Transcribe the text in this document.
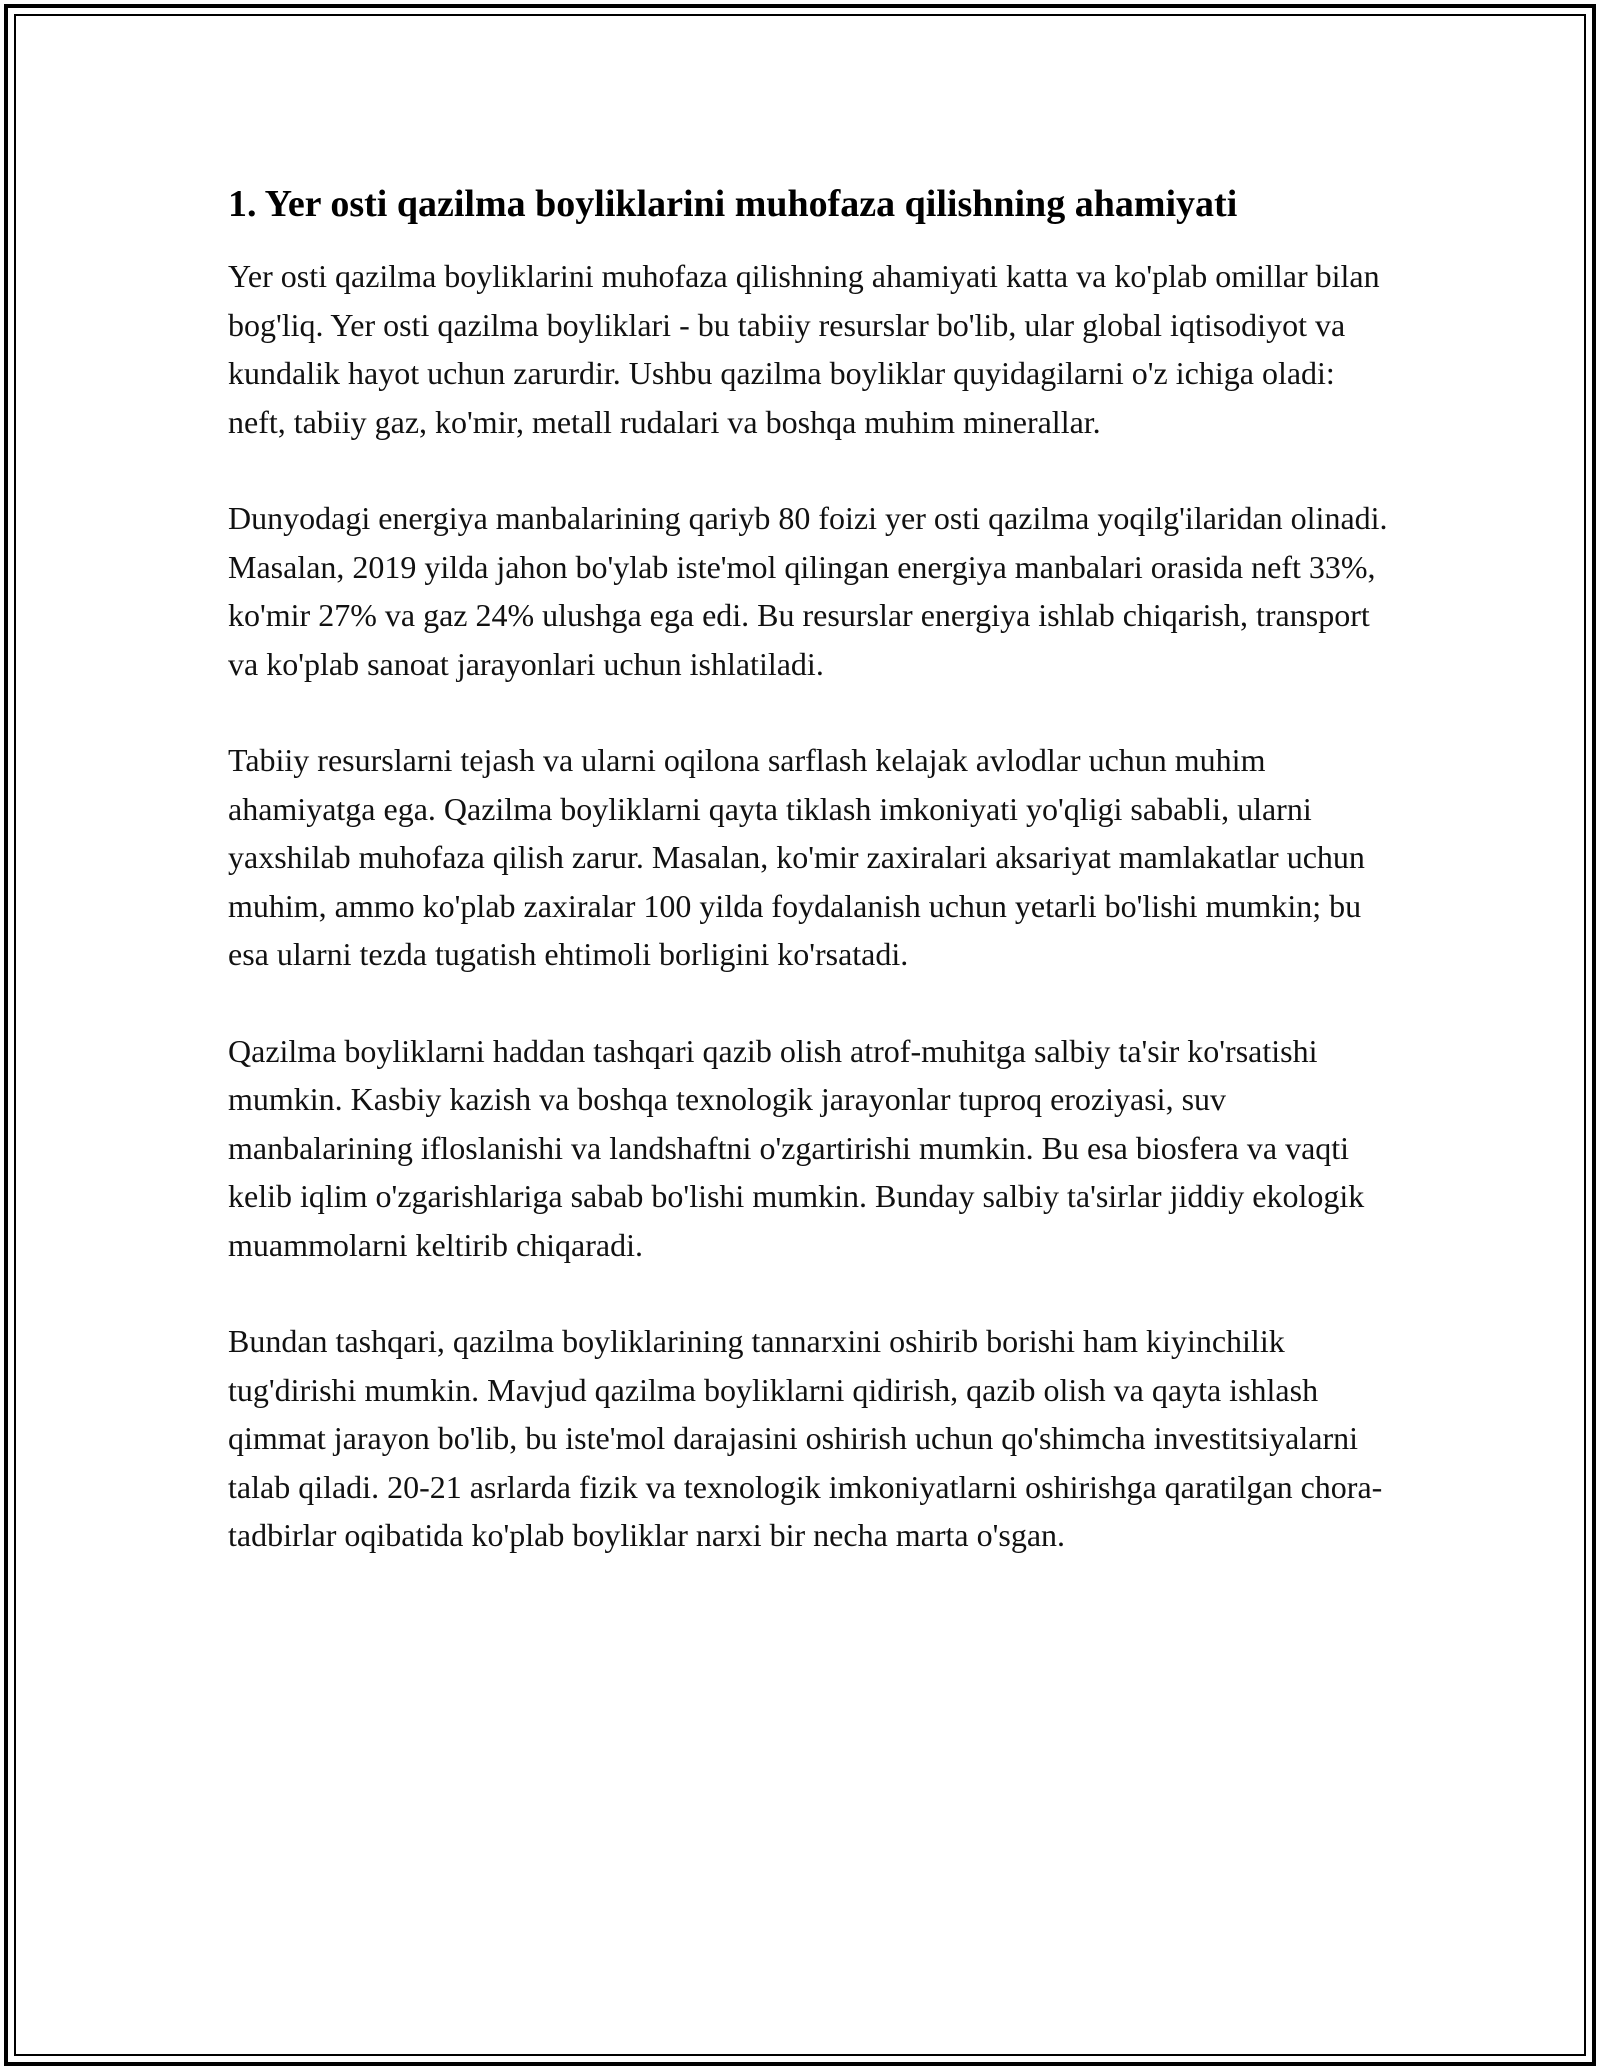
1. Yer osti qazilma boyliklarini muhofaza qilishning ahamiyati

Yer osti qazilma boyliklarini muhofaza qilishning ahamiyati katta va ko'plab omillar bilan bog'liq. Yer osti qazilma boyliklari - bu tabiiy resurslar bo'lib, ular global iqtisodiyot va kundalik hayot uchun zarurdir. Ushbu qazilma boyliklar quyidagilarni o'z ichiga oladi: neft, tabiiy gaz, ko'mir, metall rudalari va boshqa muhim minerallar.

Dunyodagi energiya manbalarining qariyb 80 foizi yer osti qazilma yoqilg'ilaridan olinadi. Masalan, 2019 yilda jahon bo'ylab iste'mol qilingan energiya manbalari orasida neft 33%, ko'mir 27% va gaz 24% ulushga ega edi. Bu resurslar energiya ishlab chiqarish, transport va ko'plab sanoat jarayonlari uchun ishlatiladi.

Tabiiy resurslarni tejash va ularni oqilona sarflash kelajak avlodlar uchun muhim ahamiyatga ega. Qazilma boyliklarni qayta tiklash imkoniyati yo'qligi sababli, ularni yaxshilab muhofaza qilish zarur. Masalan, ko'mir zaxiralari aksariyat mamlakatlar uchun muhim, ammo ko'plab zaxiralar 100 yilda foydalanish uchun yetarli bo'lishi mumkin; bu esa ularni tezda tugatish ehtimoli borligini ko'rsatadi.

Qazilma boyliklarni haddan tashqari qazib olish atrof-muhitga salbiy ta'sir ko'rsatishi mumkin. Kasbiy kazish va boshqa texnologik jarayonlar tuproq eroziyasi, suv manbalarining ifloslanishi va landshaftni o'zgartirishi mumkin. Bu esa biosfera va vaqti kelib iqlim o'zgarishlariga sabab bo'lishi mumkin. Bunday salbiy ta'sirlar jiddiy ekologik muammolarni keltirib chiqaradi.

Bundan tashqari, qazilma boyliklarining tannarxini oshirib borishi ham kiyinchilik tug'dirishi mumkin. Mavjud qazilma boyliklarni qidirish, qazib olish va qayta ishlash qimmat jarayon bo'lib, bu iste'mol darajasini oshirish uchun qo'shimcha investitsiyalarni talab qiladi. 20-21 asrlarda fizik va texnologik imkoniyatlarni oshirishga qaratilgan chora-tadbirlar oqibatida ko'plab boyliklar narxi bir necha marta o'sgan.
